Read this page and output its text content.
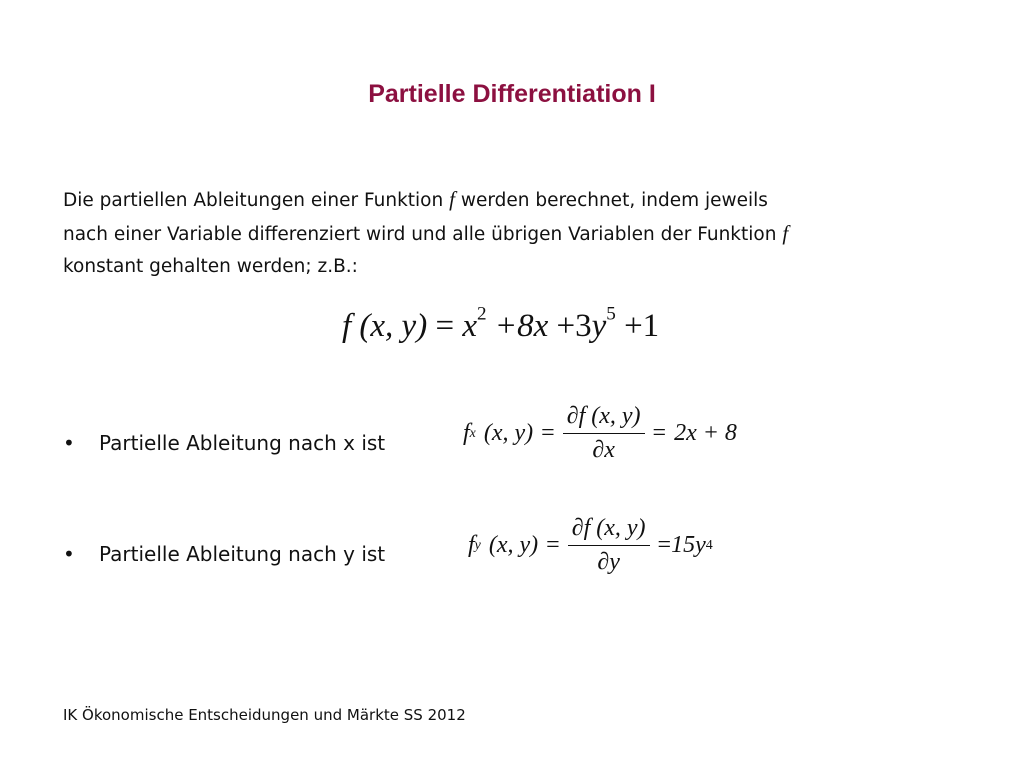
Partielle Differentiation I
Die partiellen Ableitungen einer Funktion f werden berechnet, indem jeweils
nach einer Variable differenziert wird und alle übrigen Variablen der Funktion f
konstant gehalten werden; z.B.:
f (x, $y) = x^2 +8x +3y^5 +1$
• Partielle Ableitung nach x ist	f x (x, $y) = \frac{\partial f (x, y)}{\partial x} = 2x + 8$
• Partielle Ableitung nach y ist	f y (x, $y) = \frac{\partial f (x, y)}{\partial y} = 15y$ 4
IK Ökonomische Entscheidungen und Märkte SS 2012
